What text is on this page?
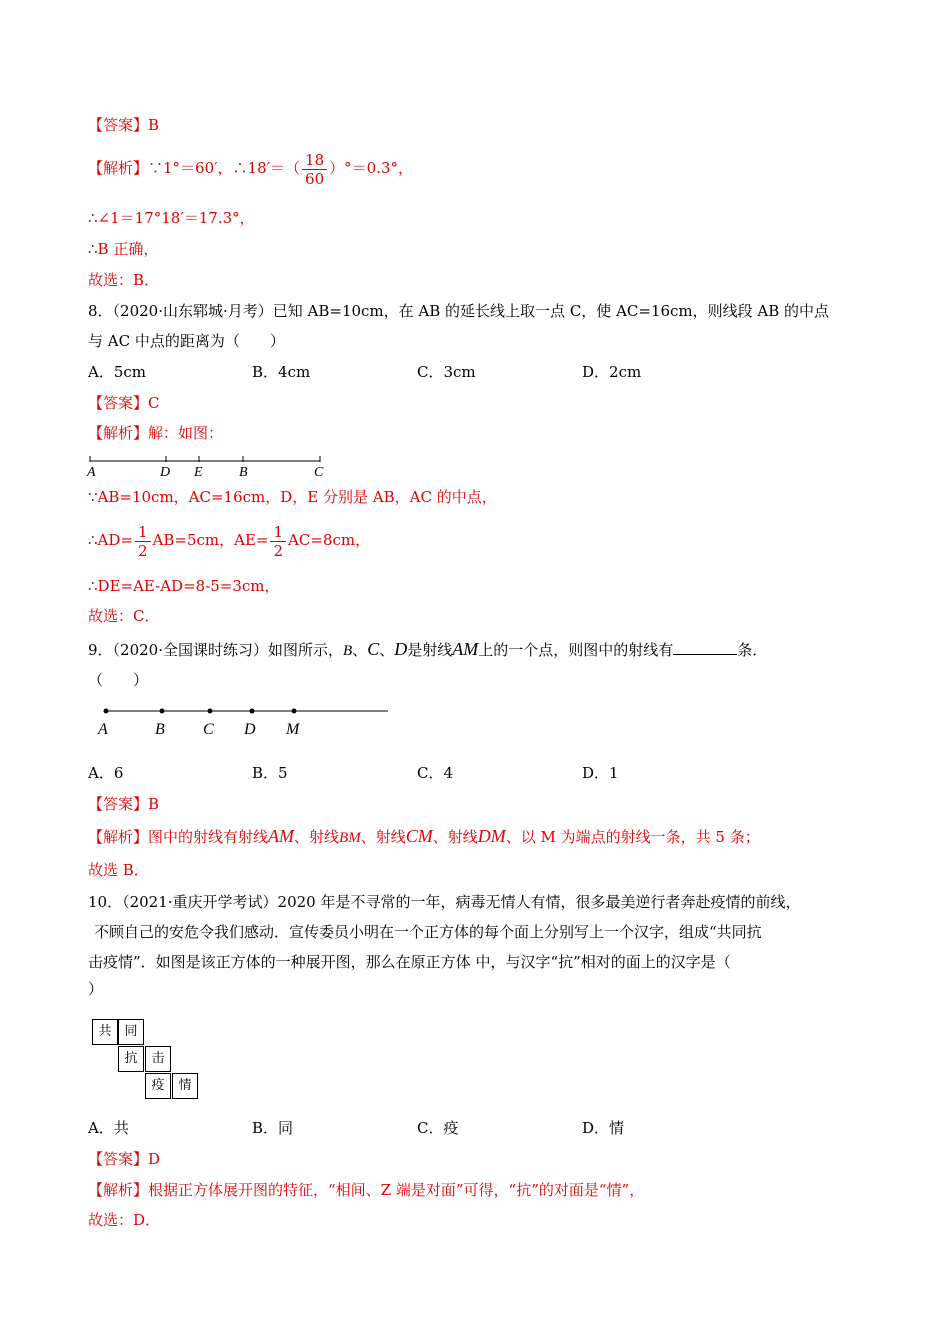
【答案】B
【解析】∵1°＝60′，∴18′＝（ $\frac{18}{60} )^\circ=0.3^\circ$，
∴∠1＝17°18′＝17.3°，
∴B 正确，
故选：B．
8．（2020·山东郓城·月考）已知 AB=10cm，在 AB 的延长线上取一点 C，使 AC=16cm，则线段 AB 的中点
与 AC 中点的距离为（　　）
A．5cm	B．4cm	C．3cm	D．2cm
【答案】C
【解析】解：如图：
A	D E	B	C
∵AB=10cm，AC=16cm，D，E 分别是 AB，AC 的中点，
∴AD= $\frac{1}{2} AB=5cm$，$AE= \frac{1}{2} AC=8cm$，
∴DE=AE-AD=8-5=3cm，
故选：C．
9．（2020·全国课时练习）如图所示，B、C、D是射线AM上的一个点，则图中的射线有	条．
（　　）
A	B C D M
A．6	B．5	C．4	D．1
【答案】B
【解析】图中的射线有射线AM、射线BM、射线CM、射线DM、以 M 为端点的射线一条，共 5 条；
故选 B．
10．（2021·重庆开学考试）2020 年是不寻常的一年，病毒无情人有情，很多最美逆行者奔赴疫情的前线，
不顾自己的安危令我们感动．宣传委员小明在一个正方体的每个面上分别写上一个汉字，组成“共同抗
击疫情”．如图是该正方体的一种展开图，那么在原正方体 中，与汉字“抗”相对的面上的汉字是（
）
共 同
抗	击
疫	情
A．共	B．同	C．疫	D．情
【答案】D
【解析】根据正方体展开图的特征，“相间、Z 端是对面”可得，“抗”的对面是“情”，
故选：D．
